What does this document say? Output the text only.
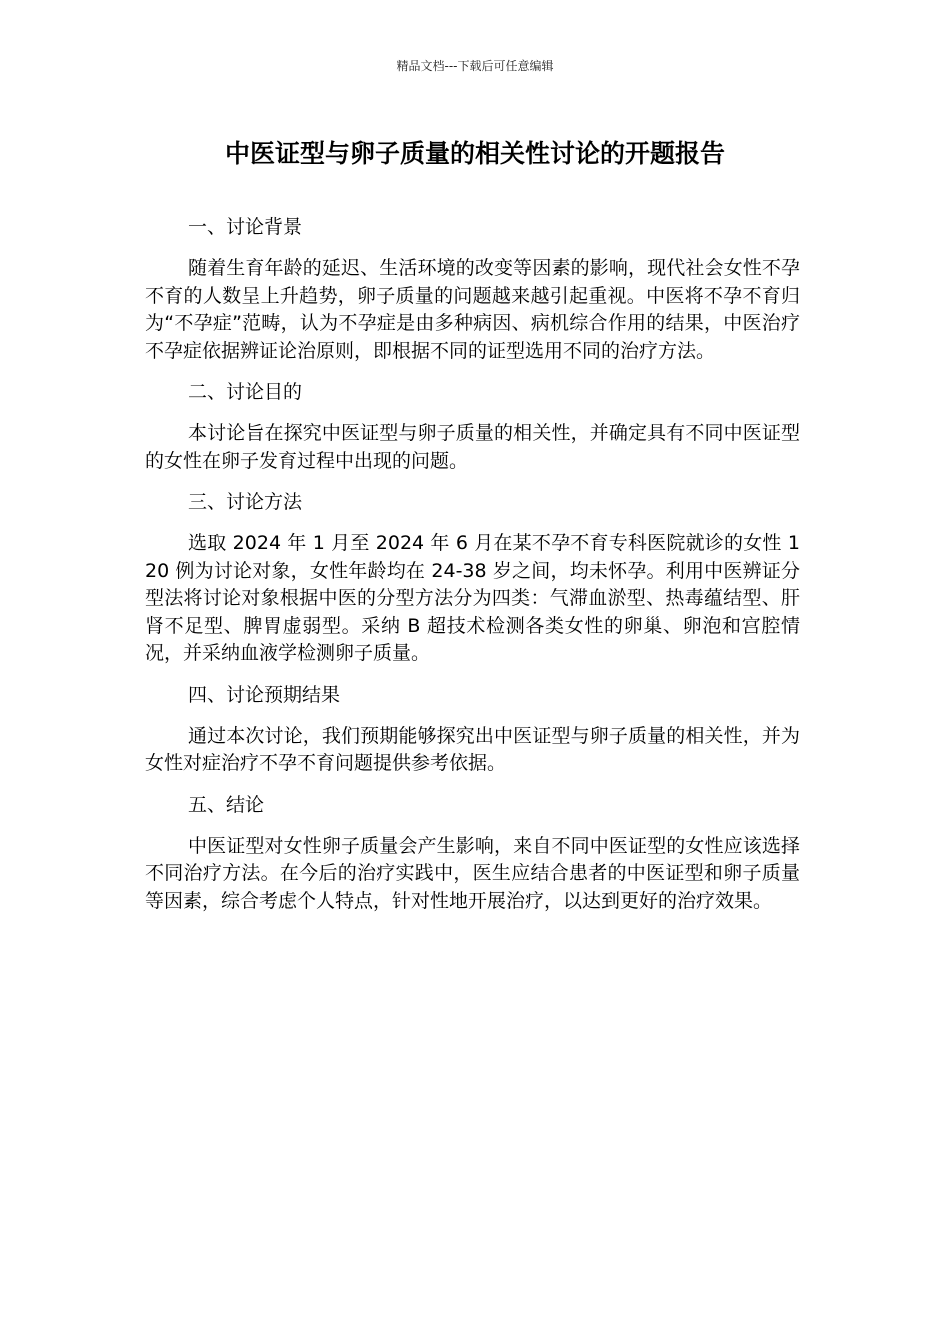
精品文档---下载后可任意编辑
中医证型与卵子质量的相关性讨论的开题报告
一、讨论背景
随着生育年龄的延迟、生活环境的改变等因素的影响，现代社会女性不孕不育的人数呈上升趋势，卵子质量的问题越来越引起重视。中医将不孕不育归为“不孕症”范畴，认为不孕症是由多种病因、病机综合作用的结果，中医治疗不孕症依据辨证论治原则，即根据不同的证型选用不同的治疗方法。
二、讨论目的
本讨论旨在探究中医证型与卵子质量的相关性，并确定具有不同中医证型的女性在卵子发育过程中出现的问题。
三、讨论方法
选取 2024 年 1 月至 2024 年 6 月在某不孕不育专科医院就诊的女性 120 例为讨论对象，女性年龄均在 24-38 岁之间，均未怀孕。利用中医辨证分型法将讨论对象根据中医的分型方法分为四类：气滞血淤型、热毒蕴结型、肝肾不足型、脾胃虚弱型。采纳 B 超技术检测各类女性的卵巢、卵泡和宫腔情况，并采纳血液学检测卵子质量。
四、讨论预期结果
通过本次讨论，我们预期能够探究出中医证型与卵子质量的相关性，并为女性对症治疗不孕不育问题提供参考依据。
五、结论
中医证型对女性卵子质量会产生影响，来自不同中医证型的女性应该选择不同治疗方法。在今后的治疗实践中，医生应结合患者的中医证型和卵子质量等因素，综合考虑个人特点，针对性地开展治疗，以达到更好的治疗效果。
